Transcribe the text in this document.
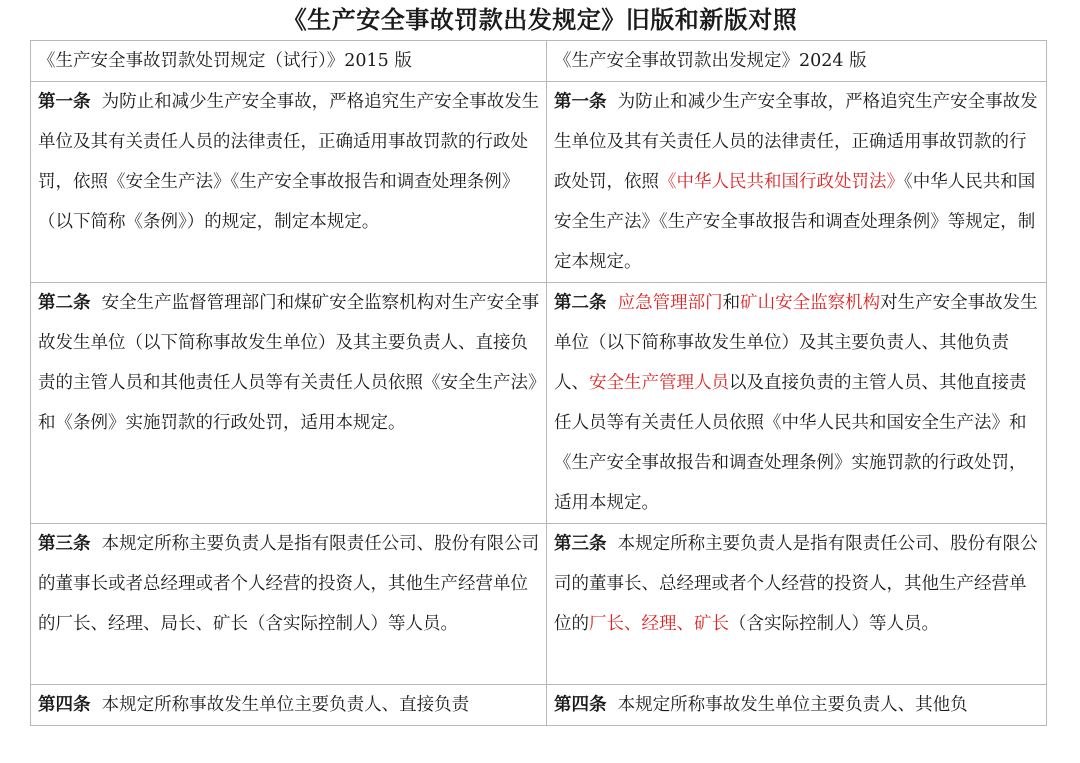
《生产安全事故罚款出发规定》旧版和新版对照
《生产安全事故罚款处罚规定（试行）》2015 版	《生产安全事故罚款出发规定》2024 版
第一条 为防止和减少生产安全事故，严格追究生产安全事故发生单位及其有关责任人员的法律责任，正确适用事故罚款的行政处罚，依照《安全生产法》《生产安全事故报告和调查处理条例》（以下简称《条例》）的规定，制定本规定。	第一条 为防止和减少生产安全事故，严格追究生产安全事故发生单位及其有关责任人员的法律责任，正确适用事故罚款的行政处罚，依照《中华人民共和国行政处罚法》《中华人民共和国安全生产法》《生产安全事故报告和调查处理条例》等规定，制定本规定。
第二条 安全生产监督管理部门和煤矿安全监察机构对生产安全事故发生单位（以下简称事故发生单位）及其主要负责人、直接负责的主管人员和其他责任人员等有关责任人员依照《安全生产法》和《条例》实施罚款的行政处罚，适用本规定。	第二条 应急管理部门和矿山安全监察机构对生产安全事故发生单位（以下简称事故发生单位）及其主要负责人、其他负责人、安全生产管理人员以及直接负责的主管人员、其他直接责任人员等有关责任人员依照《中华人民共和国安全生产法》和《生产安全事故报告和调查处理条例》实施罚款的行政处罚，适用本规定。
第三条 本规定所称主要负责人是指有限责任公司、股份有限公司的董事长或者总经理或者个人经营的投资人，其他生产经营单位的厂长、经理、局长、矿长（含实际控制人）等人员。	第三条 本规定所称主要负责人是指有限责任公司、股份有限公司的董事长、总经理或者个人经营的投资人，其他生产经营单位的厂长、经理、矿长（含实际控制人）等人员。
第四条 本规定所称事故发生单位主要负责人、直接负责	第四条 本规定所称事故发生单位主要负责人、其他负
